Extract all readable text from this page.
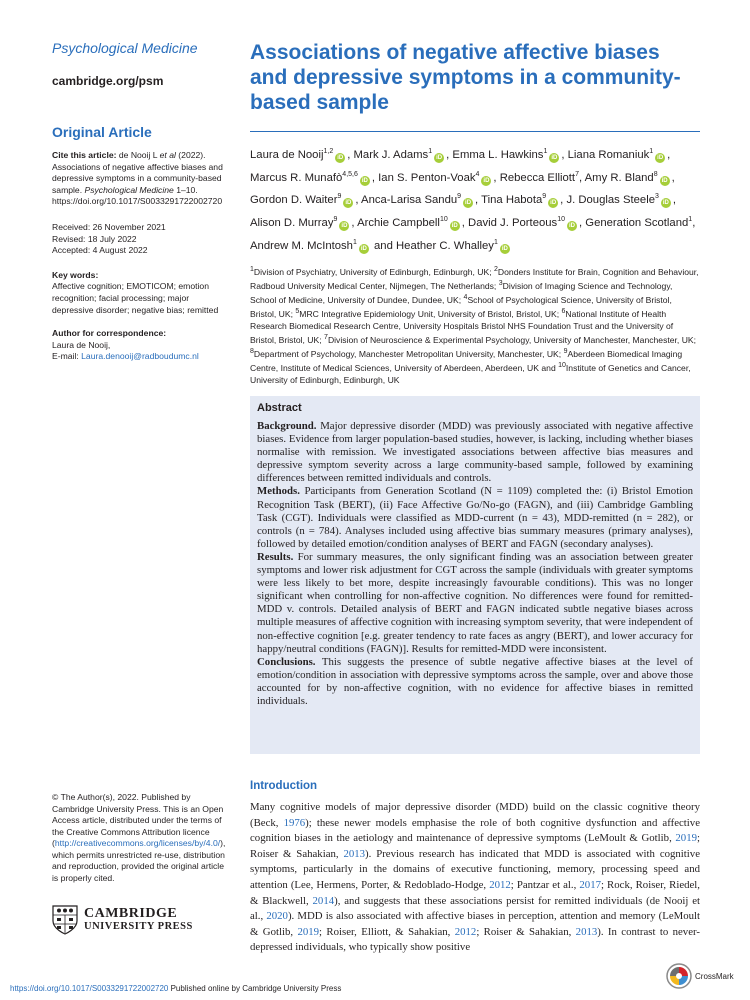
Psychological Medicine
cambridge.org/psm
Original Article
Cite this article: de Nooij L et al (2022). Associations of negative affective biases and depressive symptoms in a community-based sample. Psychological Medicine 1–10. https://doi.org/10.1017/S0033291722002720
Received: 26 November 2021
Revised: 18 July 2022
Accepted: 4 August 2022
Key words:
Affective cognition; EMOTICOM; emotion recognition; facial processing; major depressive disorder; negative bias; remitted
Author for correspondence:
Laura de Nooij,
E-mail: Laura.denooij@radboudumc.nl
© The Author(s), 2022. Published by Cambridge University Press. This is an Open Access article, distributed under the terms of the Creative Commons Attribution licence (http://creativecommons.org/licenses/by/4.0/), which permits unrestricted re-use, distribution and reproduction, provided the original article is properly cited.
CAMBRIDGE
UNIVERSITY PRESS
Associations of negative affective biases and depressive symptoms in a community-based sample
Laura de Nooij$^{1,2}$iD , Mark J. Adams$^1$iD , Emma L. Hawkins$^1$iD , Liana Romaniuk$^1$iD , Marcus R. Munafò$^{4,5,6}$iD , Ian S. Penton-Voak$^4$iD , Rebecca Elliott$^7$, Amy R. Bland$^8$iD , Gordon D. Waiter$^9$iD , Anca-Larisa Sandu$^9$iD , Tina Habota$^9$iD , J. Douglas Steele$^3$iD , Alison D. Murray$^9$iD , Archie Campbell$^{10}$iD , David J. Porteous$^{10}$iD , Generation Scotland$^1$, Andrew M. McIntosh$^1$iD and Heather C. Whalley$^1$iD
$^1$Division of Psychiatry, University of Edinburgh, Edinburgh, UK; $^2$Donders Institute for Brain, Cognition and Behaviour, Radboud University Medical Center, Nijmegen, The Netherlands; $^3$Division of Imaging Science and Technology, School of Medicine, University of Dundee, Dundee, UK; $^4$School of Psychological Science, University of Bristol, Bristol, UK; $^5$MRC Integrative Epidemiology Unit, University of Bristol, Bristol, UK; $^6$National Institute of Health Research Biomedical Research Centre, University Hospitals Bristol NHS Foundation Trust and the University of Bristol, Bristol, UK; $^7$Division of Neuroscience & Experimental Psychology, University of Manchester, Manchester, UK; $^8$Department of Psychology, Manchester Metropolitan University, Manchester, UK; $^9$Aberdeen Biomedical Imaging Centre, Institute of Medical Sciences, University of Aberdeen, Aberdeen, UK and $^{10}$Institute of Genetics and Cancer, University of Edinburgh, Edinburgh, UK
Abstract
Background. Major depressive disorder (MDD) was previously associated with negative affective biases. Evidence from larger population-based studies, however, is lacking, including whether biases normalise with remission. We investigated associations between affective bias measures and depressive symptom severity across a large community-based sample, followed by examining differences between remitted individuals and controls.
Methods. Participants from Generation Scotland (N = 1109) completed the: (i) Bristol Emotion Recognition Task (BERT), (ii) Face Affective Go/No-go (FAGN), and (iii) Cambridge Gambling Task (CGT). Individuals were classified as MDD-current (n = 43), MDD-remitted (n = 282), or controls (n = 784). Analyses included using affective bias summary measures (primary analyses), followed by detailed emotion/condition analyses of BERT and FAGN (secondary analyses).
Results. For summary measures, the only significant finding was an association between greater symptoms and lower risk adjustment for CGT across the sample (individuals with greater symptoms were less likely to bet more, despite increasingly favourable conditions). This was no longer significant when controlling for non-affective cognition. No differences were found for remitted-MDD v. controls. Detailed analysis of BERT and FAGN indicated subtle negative biases across multiple measures of affective cognition with increasing symptom severity, that were independent of non-effective cognition [e.g. greater tendency to rate faces as angry (BERT), and lower accuracy for happy/neutral conditions (FAGN)]. Results for remitted-MDD were inconsistent.
Conclusions. This suggests the presence of subtle negative affective biases at the level of emotion/condition in association with depressive symptoms across the sample, over and above those accounted for by non-affective cognition, with no evidence for affective biases in remitted individuals.
Introduction
Many cognitive models of major depressive disorder (MDD) build on the classic cognitive theory (Beck, 1976); these newer models emphasise the role of both cognitive dysfunction and affective cognition biases in the aetiology and maintenance of depressive symptoms (LeMoult & Gotlib, 2019; Roiser & Sahakian, 2013). Previous research has indicated that MDD is associated with cognitive symptoms, particularly in the domains of executive functioning, memory, processing speed and attention (Lee, Hermens, Porter, & Redoblado-Hodge, 2012; Pantzar et al., 2017; Rock, Roiser, Riedel, & Blackwell, 2014), and suggests that these associations persist for remitted individuals (de Nooij et al., 2020). MDD is also associated with affective biases in perception, attention and memory (LeMoult & Gotlib, 2019; Roiser, Elliott, & Sahakian, 2012; Roiser & Sahakian, 2013). In contrast to never-depressed individuals, who typically show positive
https://doi.org/10.1017/S0033291722002720 Published online by Cambridge University Press
CrossMark
